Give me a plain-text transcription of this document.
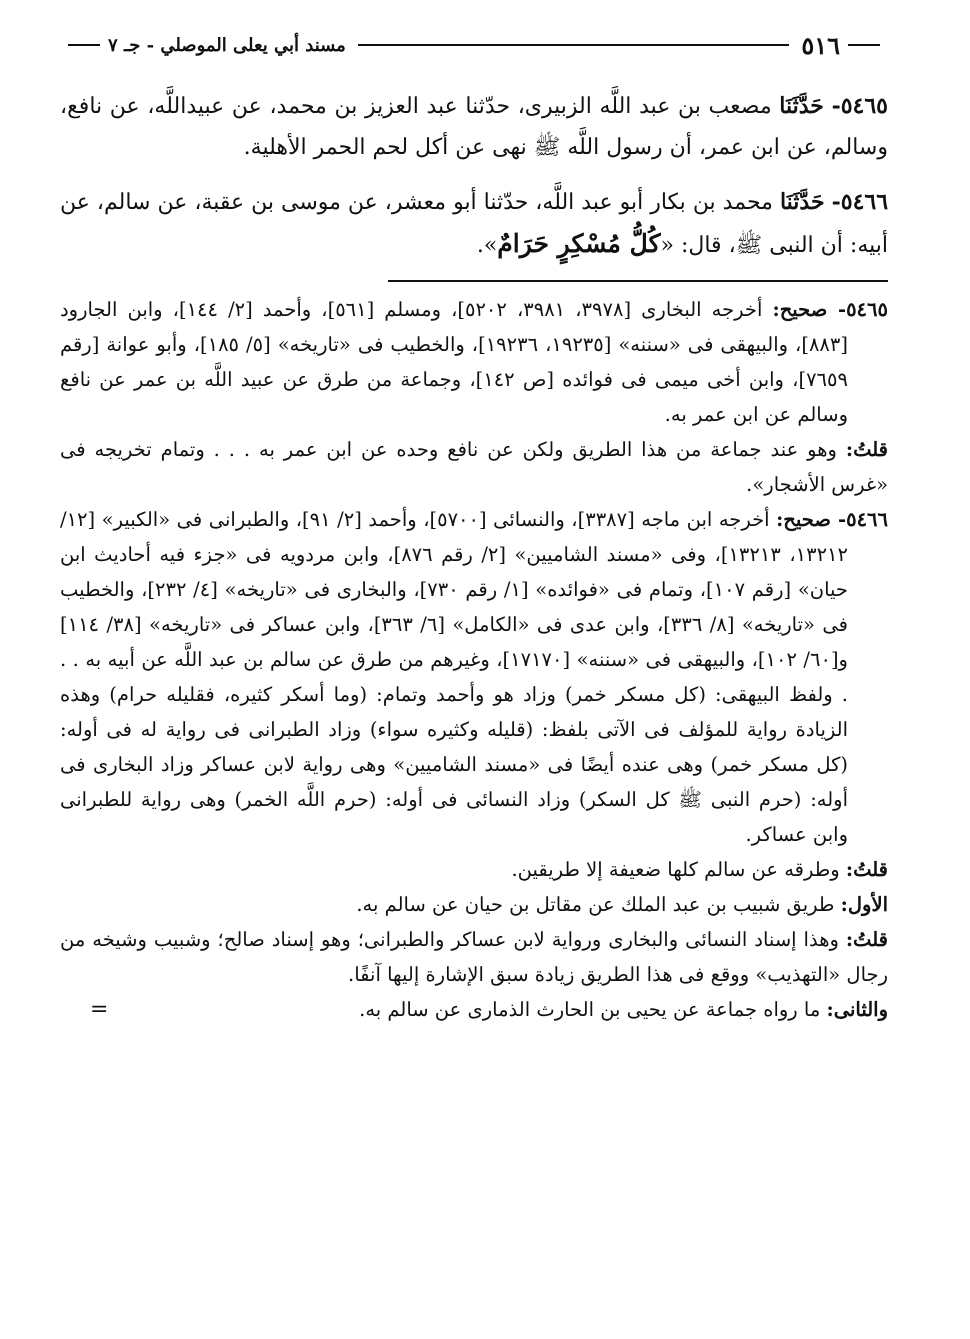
٥١٦
مسند أبي يعلى الموصلي - جـ ٧

٥٤٦٥- حَدَّثَنَا مصعب بن عبد اللَّه الزبيرى، حدّثنا عبد العزيز بن محمد، عن عبيداللَّه، عن نافع، وسالم، عن ابن عمر، أن رسول اللَّه ﷺ نهى عن أكل لحم الحمر الأهلية.

٥٤٦٦- حَدَّثَنَا محمد بن بكار أبو عبد اللَّه، حدّثنا أبو معشر، عن موسى بن عقبة، عن سالم، عن أبيه: أن النبى ﷺ، قال: «كُلُّ مُسْكِرٍ حَرَامٌ».

٥٤٦٥- صحيح: أخرجه البخارى [٣٩٧٨، ٣٩٨١، ٥٢٠٢]، ومسلم [٥٦١]، وأحمد [٢/ ١٤٤]، وابن الجارود [٨٨٣]، والبيهقى فى «سننه» [١٩٢٣٥، ١٩٢٣٦]، والخطيب فى «تاريخه» [٥/ ١٨٥]، وأبو عوانة [رقم ٧٦٥٩]، وابن أخى ميمى فى فوائده [ص ١٤٢]، وجماعة من طرق عن عبيد اللَّه بن عمر عن نافع وسالم عن ابن عمر به.

قلتُ: وهو عند جماعة من هذا الطريق ولكن عن نافع وحده عن ابن عمر به . . . وتمام تخريجه فى «غرس الأشجار».

٥٤٦٦- صحيح: أخرجه ابن ماجه [٣٣٨٧]، والنسائى [٥٧٠٠]، وأحمد [٢/ ٩١]، والطبرانى فى «الكبير» [١٢/ ١٣٢١٢، ١٣٢١٣]، وفى «مسند الشاميين» [٢/ رقم ٨٧٦]، وابن مردويه فى «جزء فيه أحاديث ابن حيان» [رقم ١٠٧]، وتمام فى «فوائده» [١/ رقم ٧٣٠]، والبخارى فى «تاريخه» [٤/ ٢٣٢]، والخطيب فى «تاريخه» [٨/ ٣٣٦]، وابن عدى فى «الكامل» [٦/ ٣٦٣]، وابن عساكر فى «تاريخه» [٣٨/ ١١٤] و[٦٠/ ١٠٢]، والبيهقى فى «سننه» [١٧١٧٠]، وغيرهم من طرق عن سالم بن عبد اللَّه عن أبيه به . . . ولفظ البيهقى: (كل مسكر خمر) وزاد هو وأحمد وتمام: (وما أسكر كثيره، فقليله حرام) وهذه الزيادة رواية للمؤلف فى الآتى بلفظ: (قليله وكثيره سواء) وزاد الطبرانى فى رواية له فى أوله: (كل مسكر خمر) وهى عنده أيضًا فى «مسند الشاميين» وهى رواية لابن عساكر وزاد البخارى فى أوله: (حرم النبى ﷺ كل السكر) وزاد النسائى فى أوله: (حرم اللَّه الخمر) وهى رواية للطبرانى وابن عساكر.

قلتُ: وطرقه عن سالم كلها ضعيفة إلا طريقين.

الأول: طريق شبيب بن عبد الملك عن مقاتل بن حيان عن سالم به.

قلتُ: وهذا إسناد النسائى والبخارى ورواية لابن عساكر والطبرانى؛ وهو إسناد صالح؛ وشبيب وشيخه من رجال «التهذيب» ووقع فى هذا الطريق زيادة سبق الإشارة إليها آنفًا.

والثانى: ما رواه جماعة عن يحيى بن الحارث الذمارى عن سالم به.
=
